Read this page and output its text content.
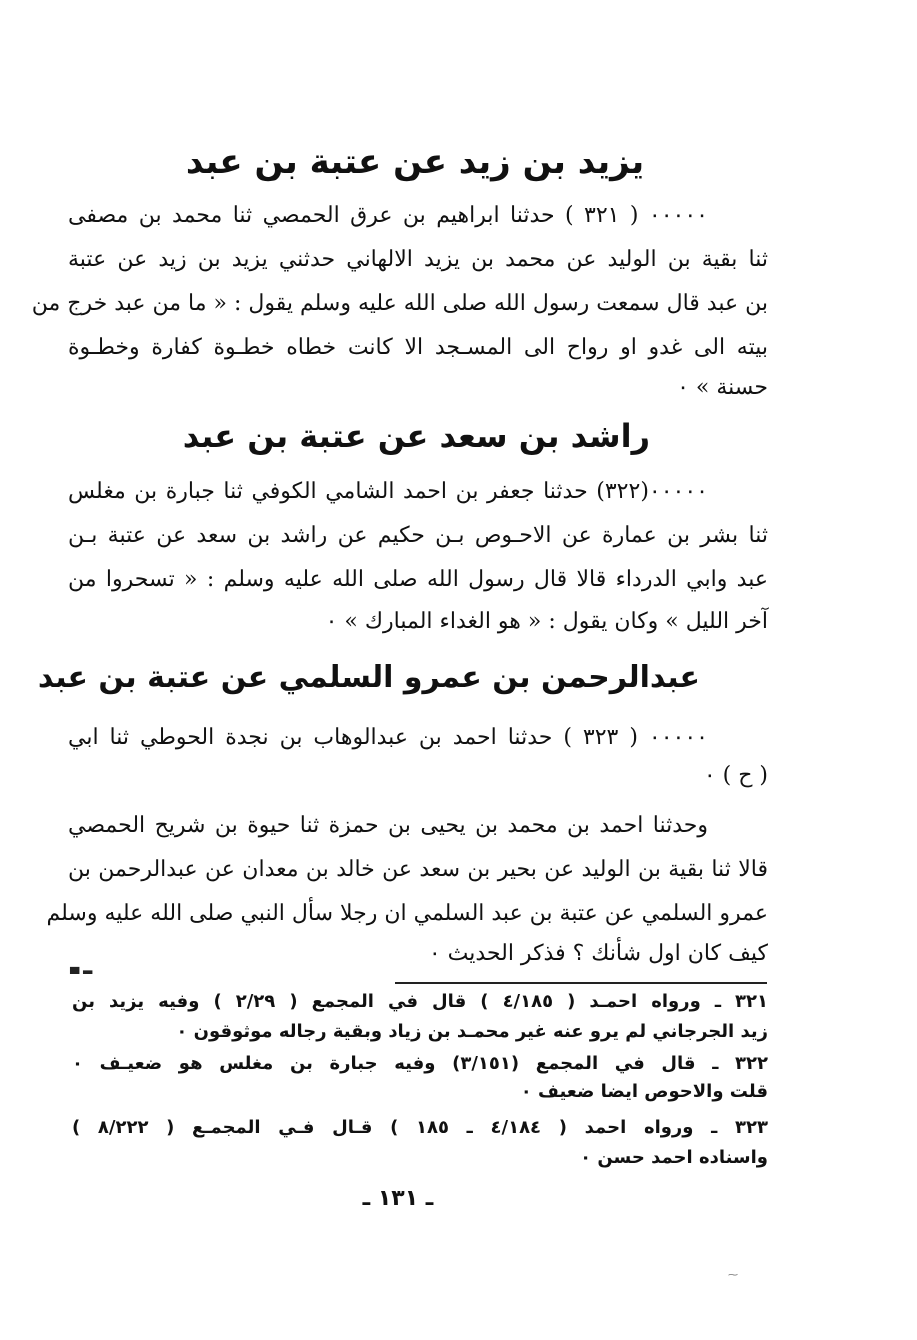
يزيد بن زيد عن عتبة بن عبد
٠٠٠٠٠ ( ٣٢١ ) حدثنا ابراهيم بن عرق الحمصي ثنا محمد بن مصفى
ثنا بقية بن الوليد عن محمد بن يزيد الالهاني حدثني يزيد بن زيد عن عتبة
بن عبد قال سمعت رسول الله صلى الله عليه وسلم يقول : « ما من عبد خرج من
بيته الى غدو او رواح الى المسـجد الا كانت خطاه خطـوة كفارة وخطـوة
حسنة » ٠
راشد بن سعد عن عتبة بن عبد
٠٠٠٠٠(٣٢٢) حدثنا جعفر بن احمد الشامي الكوفي ثنا جبارة بن مغلس
ثنا بشر بن عمارة عن الاحـوص بـن حكيم عن راشد بن سعد عن عتبة بـن
عبد وابي الدرداء قالا قال رسول الله صلى الله عليه وسلم : « تسحروا من
آخر الليل » وكان يقول : « هو الغداء المبارك » ٠
عبدالرحمن بن عمرو السلمي عن عتبة بن عبد
٠٠٠٠٠ ( ٣٢٣ ) حدثنا احمد بن عبدالوهاب بن نجدة الحوطي ثنا ابي
( ح ) ٠
وحدثنا احمد بن محمد بن يحيى بن حمزة ثنا حيوة بن شريح الحمصي
قالا ثنا بقية بن الوليد عن بحير بن سعد عن خالد بن معدان عن عبدالرحمن بن
عمرو السلمي عن عتبة بن عبد السلمي ان رجلا سأل النبي صلى الله عليه وسلم
كيف كان اول شأنك ؟ فذكر الحديث ٠
▄ ▂
٣٢١ ـ ورواه احمـد ( ٤/١٨٥ ) قال في المجمع ( ٢/٢٩ ) وفيه يزيد بن
زيد الجرجاني لم يرو عنه غير محمـد بن زياد وبقية رجاله موثوقون ٠
٣٢٢ ـ قال في المجمع (٣/١٥١) وفيه جبارة بن مغلس هو ضعيـف ٠
قلت والاحوص ايضا ضعيف ٠
٣٢٣ ـ ورواه احمد ( ٤/١٨٤ ـ ١٨٥ ) قـال فـي المجمـع ( ٨/٢٢٢ )
واسناده احمد حسن ٠
ـ ١٣١ ـ
⁓
